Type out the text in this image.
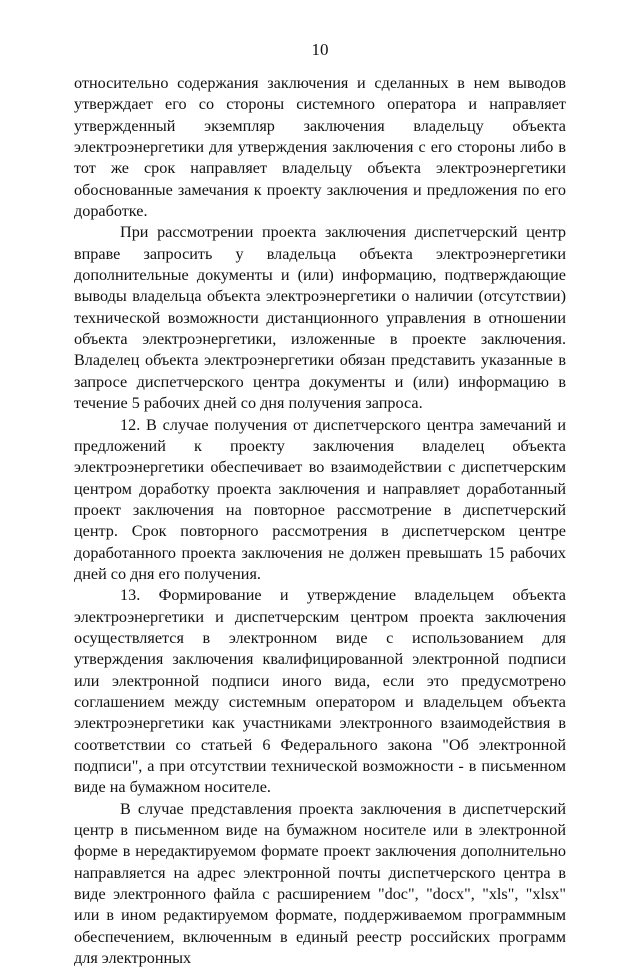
10

относительно содержания заключения и сделанных в нем выводов утверждает его со стороны системного оператора и направляет утвержденный экземпляр заключения владельцу объекта электроэнергетики для утверждения заключения с его стороны либо в тот же срок направляет владельцу объекта электроэнергетики обоснованные замечания к проекту заключения и предложения по его доработке.

При рассмотрении проекта заключения диспетчерский центр вправе запросить у владельца объекта электроэнергетики дополнительные документы и (или) информацию, подтверждающие выводы владельца объекта электроэнергетики о наличии (отсутствии) технической возможности дистанционного управления в отношении объекта электроэнергетики, изложенные в проекте заключения. Владелец объекта электроэнергетики обязан представить указанные в запросе диспетчерского центра документы и (или) информацию в течение 5 рабочих дней со дня получения запроса.

12. В случае получения от диспетчерского центра замечаний и предложений к проекту заключения владелец объекта электроэнергетики обеспечивает во взаимодействии с диспетчерским центром доработку проекта заключения и направляет доработанный проект заключения на повторное рассмотрение в диспетчерский центр. Срок повторного рассмотрения в диспетчерском центре доработанного проекта заключения не должен превышать 15 рабочих дней со дня его получения.

13. Формирование и утверждение владельцем объекта электроэнергетики и диспетчерским центром проекта заключения осуществляется в электронном виде с использованием для утверждения заключения квалифицированной электронной подписи или электронной подписи иного вида, если это предусмотрено соглашением между системным оператором и владельцем объекта электроэнергетики как участниками электронного взаимодействия в соответствии со статьей 6 Федерального закона "Об электронной подписи", а при отсутствии технической возможности - в письменном виде на бумажном носителе.

В случае представления проекта заключения в диспетчерский центр в письменном виде на бумажном носителе или в электронной форме в нередактируемом формате проект заключения дополнительно направляется на адрес электронной почты диспетчерского центра в виде электронного файла с расширением "doc", "docx", "xls", "xlsx" или в ином редактируемом формате, поддерживаемом программным обеспечением, включенным в единый реестр российских программ для электронных
